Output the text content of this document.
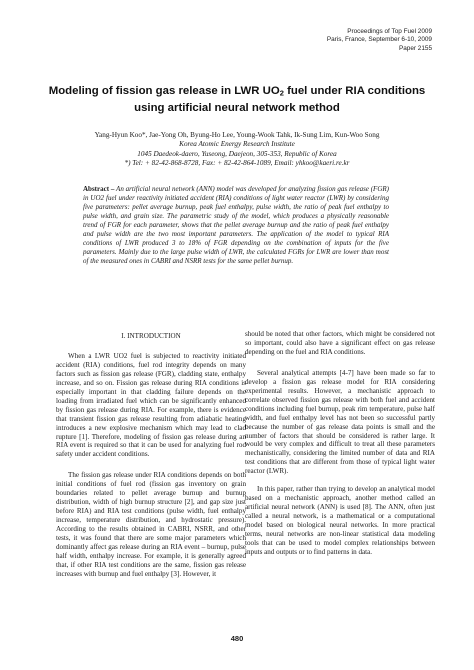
Proceedings of Top Fuel 2009
Paris, France, September 6-10, 2009
Paper 2155
Modeling of fission gas release in LWR $UO_2$ fuel under RIA conditions
using artificial neural network method
Yang-Hyun Koo*, Jae-Yong Oh, Byung-Ho Lee, Young-Wook Tahk, Ik-Sung Lim, Kun-Woo Song
Korea Atomic Energy Research Institute
1045 Daedeok-daero, Yuseong, Daejeon, 305-353, Republic of Korea
*) Tel: + 82-42-868-8728, Fax: + 82-42-864-1089, Email: yhkoo@kaeri.re.kr
Abstract – An artificial neural network (ANN) model was developed for analyzing fission gas release (FGR) in UO2 fuel under reactivity initiated accident (RIA) conditions of light water reactor (LWR) by considering five parameters: pellet average burnup, peak fuel enthalpy, pulse width, the ratio of peak fuel enthalpy to pulse width, and grain size. The parametric study of the model, which produces a physically reasonable trend of FGR for each parameter, shows that the pellet average burnup and the ratio of peak fuel enthalpy and pulse width are the two most important parameters. The application of the model to typical RIA conditions of LWR produced 3 to 18% of FGR depending on the combination of inputs for the five parameters. Mainly due to the large pulse width of LWR, the calculated FGRs for LWR are lower than most of the measured ones in CABRI and NSRR tests for the same pellet burnup.
I. INTRODUCTION

When a LWR UO2 fuel is subjected to reactivity initiated accident (RIA) conditions, fuel rod integrity depends on many factors such as fission gas release (FGR), cladding state, enthalpy increase, and so on. Fission gas release during RIA conditions is especially important in that cladding failure depends on the loading from irradiated fuel which can be significantly enhanced by fission gas release during RIA. For example, there is evidence that transient fission gas release resulting from adiabatic heating introduces a new explosive mechanism which may lead to clad rupture [1]. Therefore, modeling of fission gas release during an RIA event is required so that it can be used for analyzing fuel rod safety under accident conditions.

The fission gas release under RIA conditions depends on both initial conditions of fuel rod (fission gas inventory on grain boundaries related to pellet average burnup and burnup distribution, width of high burnup structure [2], and gap size just before RIA) and RIA test conditions (pulse width, fuel enthalpy increase, temperature distribution, and hydrostatic pressure). According to the results obtained in CABRI, NSRR, and other tests, it was found that there are some major parameters which dominantly affect gas release during an RIA event – burnup, pulse half width, enthalpy increase. For example, it is generally agreed that, if other RIA test conditions are the same, fission gas release increases with burnup and fuel enthalpy [3]. However, it

should be noted that other factors, which might be considered not so important, could also have a significant effect on gas release depending on the fuel and RIA conditions.

Several analytical attempts [4-7] have been made so far to develop a fission gas release model for RIA considering experimental results. However, a mechanistic approach to correlate observed fission gas release with both fuel and accident conditions including fuel burnup, peak rim temperature, pulse half width, and fuel enthalpy level has not been so successful partly because the number of gas release data points is small and the number of factors that should be considered is rather large. It would be very complex and difficult to treat all these parameters mechanistically, considering the limited number of data and RIA test conditions that are different from those of typical light water reactor (LWR).

In this paper, rather than trying to develop an analytical model based on a mechanistic approach, another method called an artificial neural network (ANN) is used [8]. The ANN, often just called a neural network, is a mathematical or a computational model based on biological neural networks. In more practical terms, neural networks are non-linear statistical data modeling tools that can be used to model complex relationships between inputs and outputs or to find patterns in data.

480
